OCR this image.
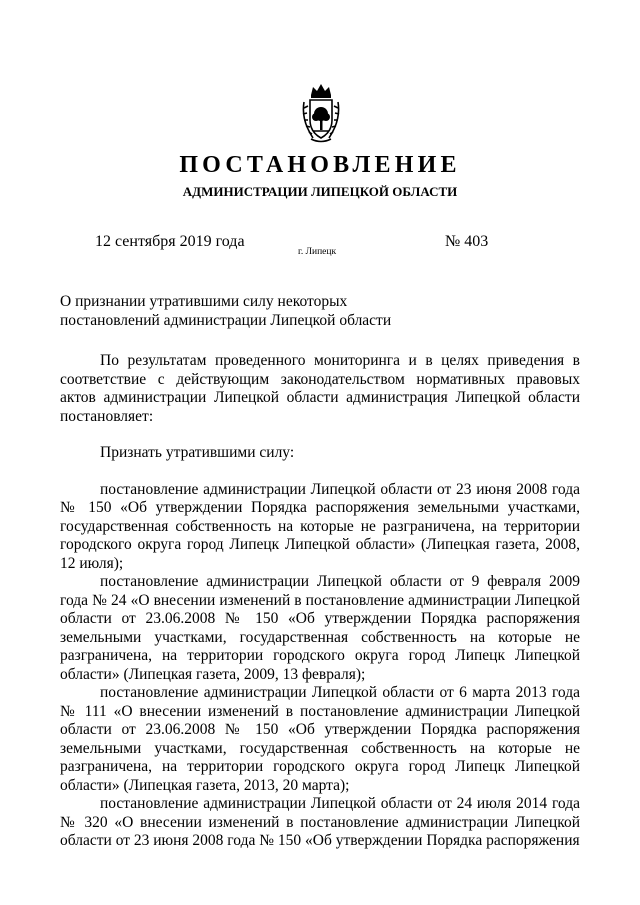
ПОСТАНОВЛЕНИЕ
АДМИНИСТРАЦИИ ЛИПЕЦКОЙ ОБЛАСТИ
12 сентября 2019 года
г. Липецк
№ 403
О признании утратившими силу некоторых
постановлений администрации Липецкой области

По результатам проведенного мониторинга и в целях приведения в соответствие с действующим законодательством нормативных правовых актов администрации Липецкой области администрация Липецкой области постановляет:

Признать утратившими силу:

постановление администрации Липецкой области от 23 июня 2008 года № 150 «Об утверждении Порядка распоряжения земельными участками, государственная собственность на которые не разграничена, на территории городского округа город Липецк Липецкой области» (Липецкая газета, 2008, 12 июля);

постановление администрации Липецкой области от 9 февраля 2009 года № 24 «О внесении изменений в постановление администрации Липецкой области от 23.06.2008 № 150 «Об утверждении Порядка распоряжения земельными участками, государственная собственность на которые не разграничена, на территории городского округа город Липецк Липецкой области» (Липецкая газета, 2009, 13 февраля);

постановление администрации Липецкой области от 6 марта 2013 года № 111 «О внесении изменений в постановление администрации Липецкой области от 23.06.2008 № 150 «Об утверждении Порядка распоряжения земельными участками, государственная собственность на которые не разграничена, на территории городского округа город Липецк Липецкой области» (Липецкая газета, 2013, 20 марта);

постановление администрации Липецкой области от 24 июля 2014 года № 320 «О внесении изменений в постановление администрации Липецкой области от 23 июня 2008 года № 150 «Об утверждении Порядка распоряжения
